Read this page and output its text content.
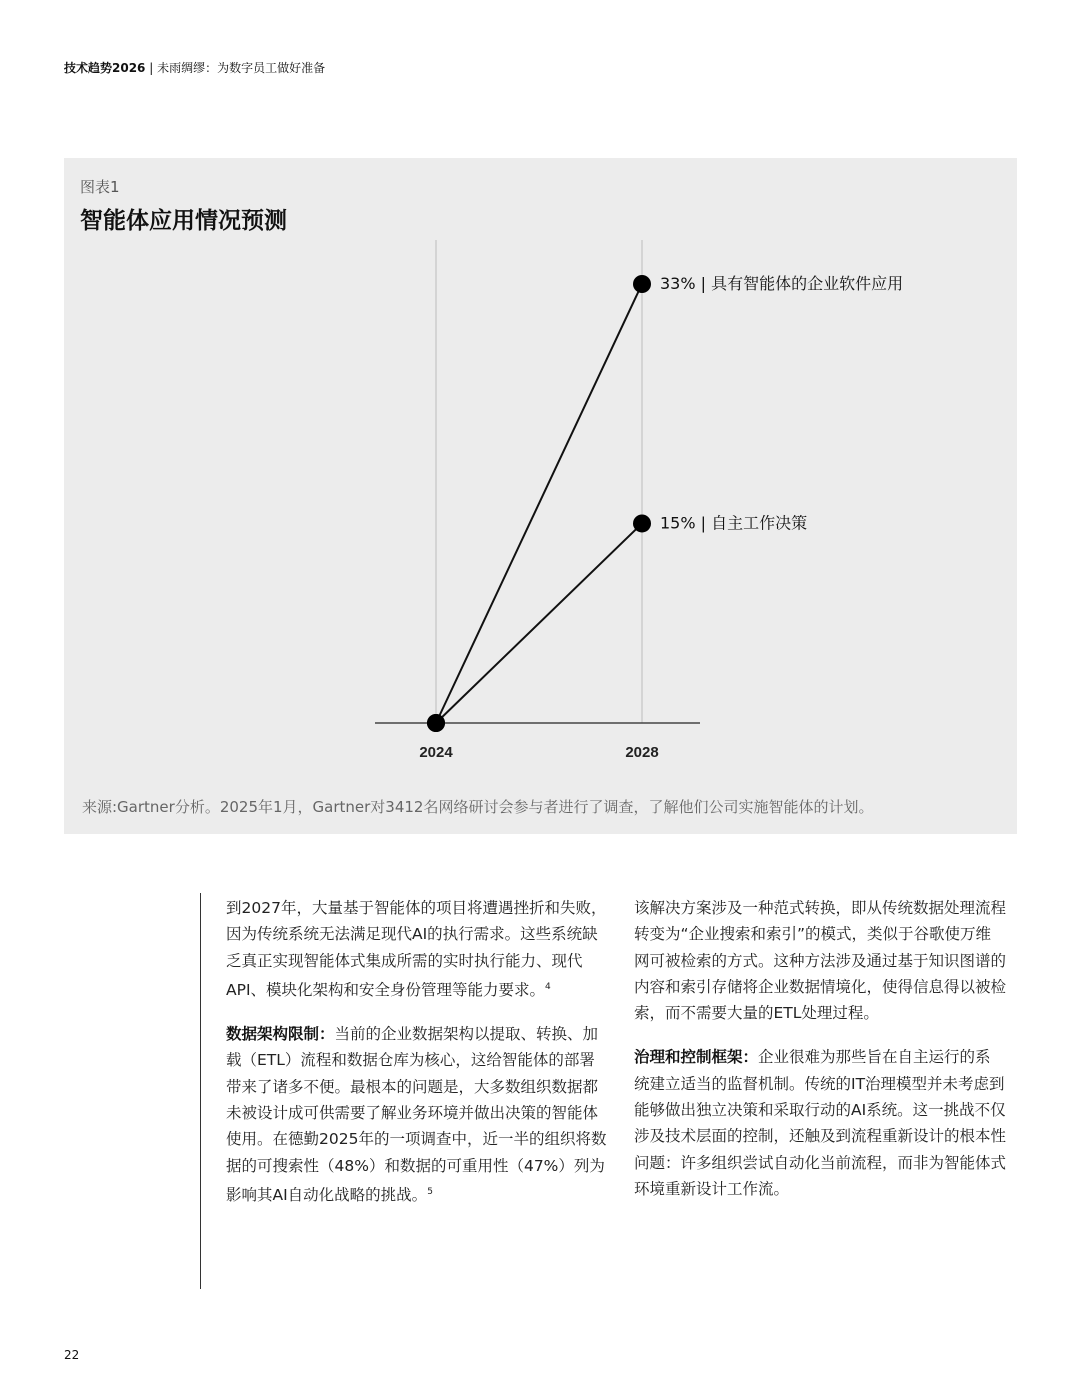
技术趋势2026 | 未雨绸缪：为数字员工做好准备
图表1
智能体应用情况预测
2024	2028
33% | 具有智能体的企业软件应用
15% | 自主工作决策
来源:Gartner分析。2025年1月，Gartner对3412名网络研讨会参与者进行了调查，了解他们公司实施智能体的计划。

到2027年，大量基于智能体的项目将遭遇挫折和失败，因为传统系统无法满足现代AI的执行需求。这些系统缺乏真正实现智能体式集成所需的实时执行能力、现代API、模块化架构和安全身份管理等能力要求。$^4$

数据架构限制：当前的企业数据架构以提取、转换、加载（ETL）流程和数据仓库为核心，这给智能体的部署带来了诸多不便。最根本的问题是，大多数组织数据都未被设计成可供需要了解业务环境并做出决策的智能体使用。在德勤2025年的一项调查中，近一半的组织将数据的可搜索性（48%）和数据的可重用性（47%）列为影响其AI自动化战略的挑战。$^5$

该解决方案涉及一种范式转换，即从传统数据处理流程转变为“企业搜索和索引”的模式，类似于谷歌使万维网可被检索的方式。这种方法涉及通过基于知识图谱的内容和索引存储将企业数据情境化，使得信息得以被检索，而不需要大量的ETL处理过程。

治理和控制框架：企业很难为那些旨在自主运行的系统建立适当的监督机制。传统的IT治理模型并未考虑到能够做出独立决策和采取行动的AI系统。这一挑战不仅涉及技术层面的控制，还触及到流程重新设计的根本性问题：许多组织尝试自动化当前流程，而非为智能体式环境重新设计工作流。

22
